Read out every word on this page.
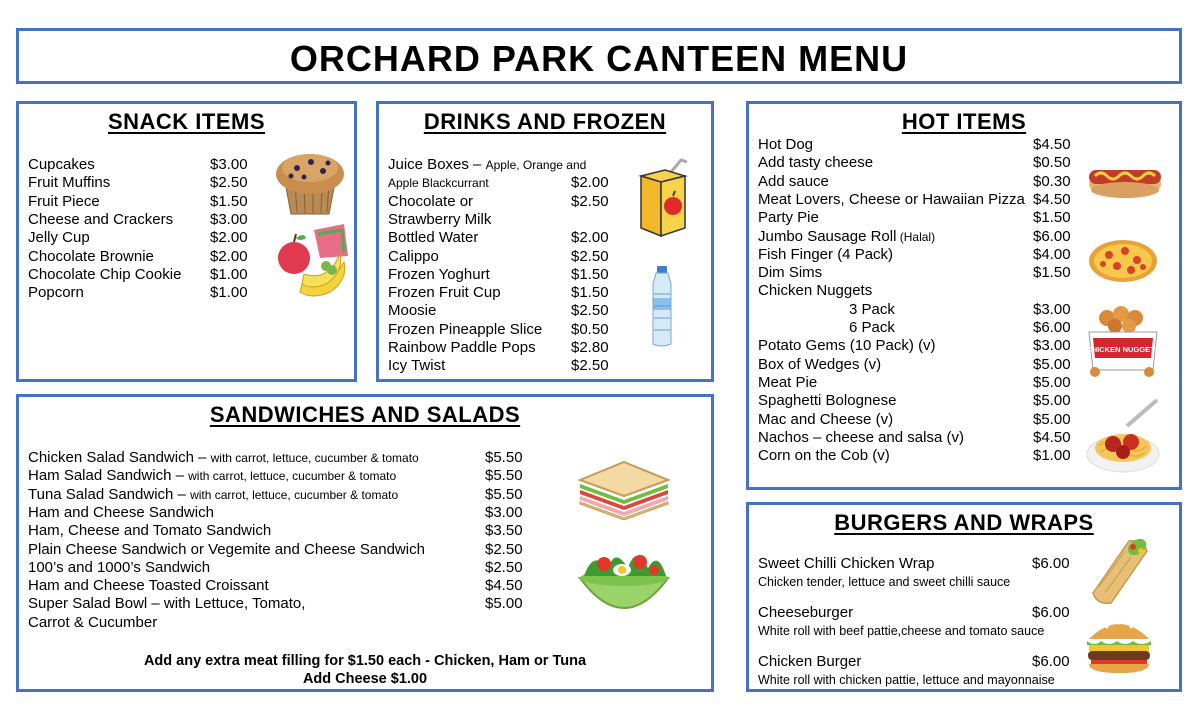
ORCHARD PARK CANTEEN MENU
SNACK ITEMS
Cupcakes	$3.00
Fruit Muffins	$2.50
Fruit Piece	$1.50
Cheese and Crackers $3.00
Jelly Cup	$2.00
Chocolate Brownie	$2.00
Chocolate Chip Cookie $1.00
Popcorn	$1.00
DRINKS AND FROZEN
Juice Boxes – Apple, Orange and
Apple Blackcurrant	$2.00
Chocolate or	$2.50
Strawberry Milk
Bottled Water	$2.00
Calippo	$2.50
Frozen Yoghurt	$1.50
Frozen Fruit Cup	$1.50
Moosie	$2.50
Frozen Pineapple Slice $0.50
Rainbow Paddle Pops $2.80
Icy Twist	$2.50
HOT ITEMS
Hot Dog	$4.50
Add tasty cheese	$0.50
Add sauce	$0.30
Meat Lovers, Cheese or Hawaiian Pizza $4.50
Party Pie	$1.50
Jumbo Sausage Roll (Halal)	$6.00
Fish Finger (4 Pack)	$4.00
Dim Sims	$1.50
Chicken Nuggets
3 Pack	$3.00
6 Pack	$6.00
Potato Gems (10 Pack) (v)	$3.00
Box of Wedges (v)	$5.00
Meat Pie	$5.00
Spaghetti Bolognese	$5.00
Mac and Cheese (v)	$5.00
Nachos – cheese and salsa (v)	$4.50
Corn on the Cob (v)	$1.00
CHICKEN NUGGETS
SANDWICHES AND SALADS
Chicken Salad Sandwich – with carrot, lettuce, cucumber & tomato	$5.50
Ham Salad Sandwich – with carrot, lettuce, cucumber & tomato	$5.50
Tuna Salad Sandwich – with carrot, lettuce, cucumber & tomato	$5.50
Ham and Cheese Sandwich	$3.00
Ham, Cheese and Tomato Sandwich	$3.50
Plain Cheese Sandwich or Vegemite and Cheese Sandwich	$2.50
100’s and 1000’s Sandwich	$2.50
Ham and Cheese Toasted Croissant	$4.50
Super Salad Bowl – with Lettuce, Tomato,	$5.00
Carrot & Cucumber
Add any extra meat filling for $1.50 each - Chicken, Ham or Tuna
Add Cheese $1.00
BURGERS AND WRAPS
Sweet Chilli Chicken Wrap	$6.00
Chicken tender, lettuce and sweet chilli sauce
Cheeseburger	$6.00
White roll with beef pattie,cheese and tomato sauce
Chicken Burger	$6.00
White roll with chicken pattie, lettuce and mayonnaise
